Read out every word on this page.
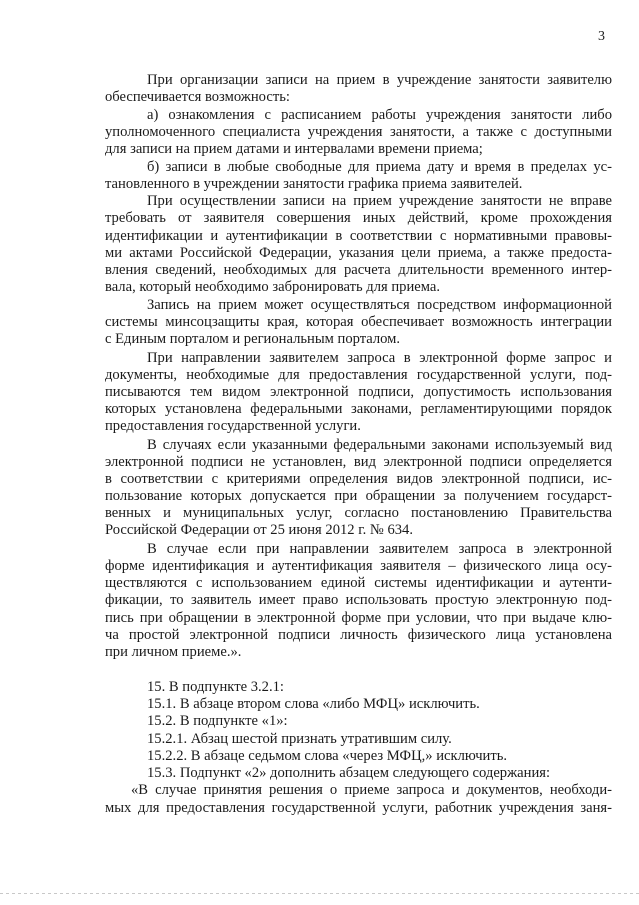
3
При организации записи на прием в учреждение занятости заявителю
обеспечивается возможность:
а) ознакомления с расписанием работы учреждения занятости либо
уполномоченного специалиста учреждения занятости, а также с доступными
для записи на прием датами и интервалами времени приема;
б) записи в любые свободные для приема дату и время в пределах ус-
тановленного в учреждении занятости графика приема заявителей.
При осуществлении записи на прием учреждение занятости не вправе
требовать от заявителя совершения иных действий, кроме прохождения
идентификации и аутентификации в соответствии с нормативными правовы-
ми актами Российской Федерации, указания цели приема, а также предоста-
вления сведений, необходимых для расчета длительности временного интер-
вала, который необходимо забронировать для приема.
Запись на прием может осуществляться посредством информационной
системы минсоцзащиты края, которая обеспечивает возможность интеграции
с Единым порталом и региональным порталом.
При направлении заявителем запроса в электронной форме запрос и
документы, необходимые для предоставления государственной услуги, под-
писываются тем видом электронной подписи, допустимость использования
которых установлена федеральными законами, регламентирующими порядок
предоставления государственной услуги.
В случаях если указанными федеральными законами используемый вид
электронной подписи не установлен, вид электронной подписи определяется
в соответствии с критериями определения видов электронной подписи, ис-
пользование которых допускается при обращении за получением государст-
венных и муниципальных услуг, согласно постановлению Правительства
Российской Федерации от 25 июня 2012 г. № 634.
В случае если при направлении заявителем запроса в электронной
форме идентификация и аутентификация заявителя – физического лица осу-
ществляются с использованием единой системы идентификации и аутенти-
фикации, то заявитель имеет право использовать простую электронную под-
пись при обращении в электронной форме при условии, что при выдаче клю-
ча простой электронной подписи личность физического лица установлена
при личном приеме.».
15. В подпункте 3.2.1:
15.1. В абзаце втором слова «либо МФЦ» исключить.
15.2. В подпункте «1»:
15.2.1. Абзац шестой признать утратившим силу.
15.2.2. В абзаце седьмом слова «через МФЦ,» исключить.
15.3. Подпункт «2» дополнить абзацем следующего содержания:
«В случае принятия решения о приеме запроса и документов, необходи-
мых для предоставления государственной услуги, работник учреждения заня-
